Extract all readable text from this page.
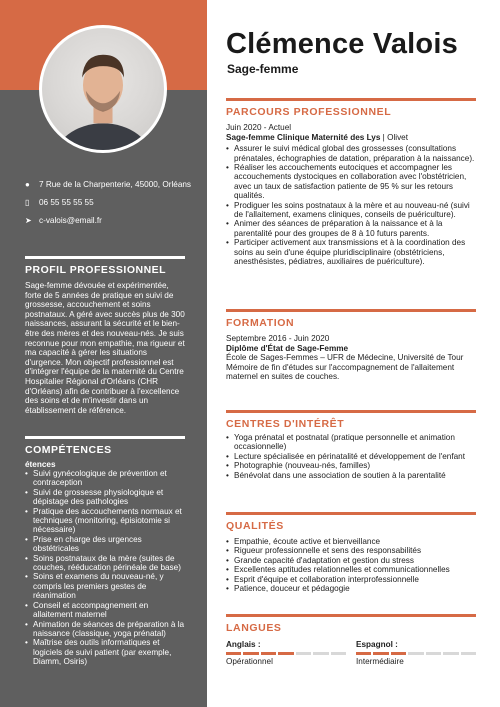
●	7 Rue de la Charpenterie, 45000, Orléans
▯	06 55 55 55 55
➤ c-valois@email.fr
PROFIL PROFESSIONNEL
Sage-femme dévouée et expérimentée, forte de 5 années de pratique en suivi de grossesse, accouchement et soins postnataux. A géré avec succès plus de 300 naissances, assurant la sécurité et le bien-être des mères et des nouveau-nés. Je suis reconnue pour mon empathie, ma rigueur et ma capacité à gérer les situations d'urgence. Mon objectif professionnel est d'intégrer l'équipe de la maternité du Centre Hospitalier Régional d'Orléans (CHR d'Orléans) afin de contribuer à l'excellence des soins et de m'investir dans un établissement de référence.
COMPÉTENCES
étences
• Suivi gynécologique de prévention et contraception
• Suivi de grossesse physiologique et dépistage des pathologies
• Pratique des accouchements normaux et techniques (monitoring, épisiotomie si nécessaire)
• Prise en charge des urgences obstétricales
• Soins postnataux de la mère (suites de couches, rééducation périnéale de base)
• Soins et examens du nouveau-né, y compris les premiers gestes de réanimation
• Conseil et accompagnement en allaitement maternel
• Animation de séances de préparation à la naissance (classique, yoga prénatal)
• Maîtrise des outils informatiques et logiciels de suivi patient (par exemple, Diamm, Osiris)
Clémence Valois
Sage-femme
PARCOURS PROFESSIONNEL
Juin 2020 - Actuel
Sage-femme Clinique Maternité des Lys | Olivet
• Assurer le suivi médical global des grossesses (consultations prénatales, échographies de datation, préparation à la naissance).
• Réaliser les accouchements eutociques et accompagner les accouchements dystociques en collaboration avec l'obstétricien, avec un taux de satisfaction patiente de 95 % sur les retours qualités.
• Prodiguer les soins postnataux à la mère et au nouveau-né (suivi de l'allaitement, examens cliniques, conseils de puériculture).
• Animer des séances de préparation à la naissance et à la parentalité pour des groupes de 8 à 10 futurs parents.
• Participer activement aux transmissions et à la coordination des soins au sein d'une équipe pluridisciplinaire (obstétriciens, anesthésistes, pédiatres, auxiliaires de puériculture).
FORMATION
Septembre 2016 - Juin 2020
Diplôme d'État de Sage-Femme
École de Sages-Femmes – UFR de Médecine, Université de Tour
Mémoire de fin d'études sur l'accompagnement de l'allaitement maternel en suites de couches.
CENTRES D'INTÉRÊT
• Yoga prénatal et postnatal (pratique personnelle et animation occasionnelle)
• Lecture spécialisée en périnatalité et développement de l'enfant
• Photographie (nouveau-nés, familles)
• Bénévolat dans une association de soutien à la parentalité
QUALITÉS
• Empathie, écoute active et bienveillance
• Rigueur professionnelle et sens des responsabilités
• Grande capacité d'adaptation et gestion du stress
• Excellentes aptitudes relationnelles et communicationnelles
• Esprit d'équipe et collaboration interprofessionnelle
• Patience, douceur et pédagogie
LANGUES
Anglais :
Opérationnel
Espagnol :
Intermédiaire
